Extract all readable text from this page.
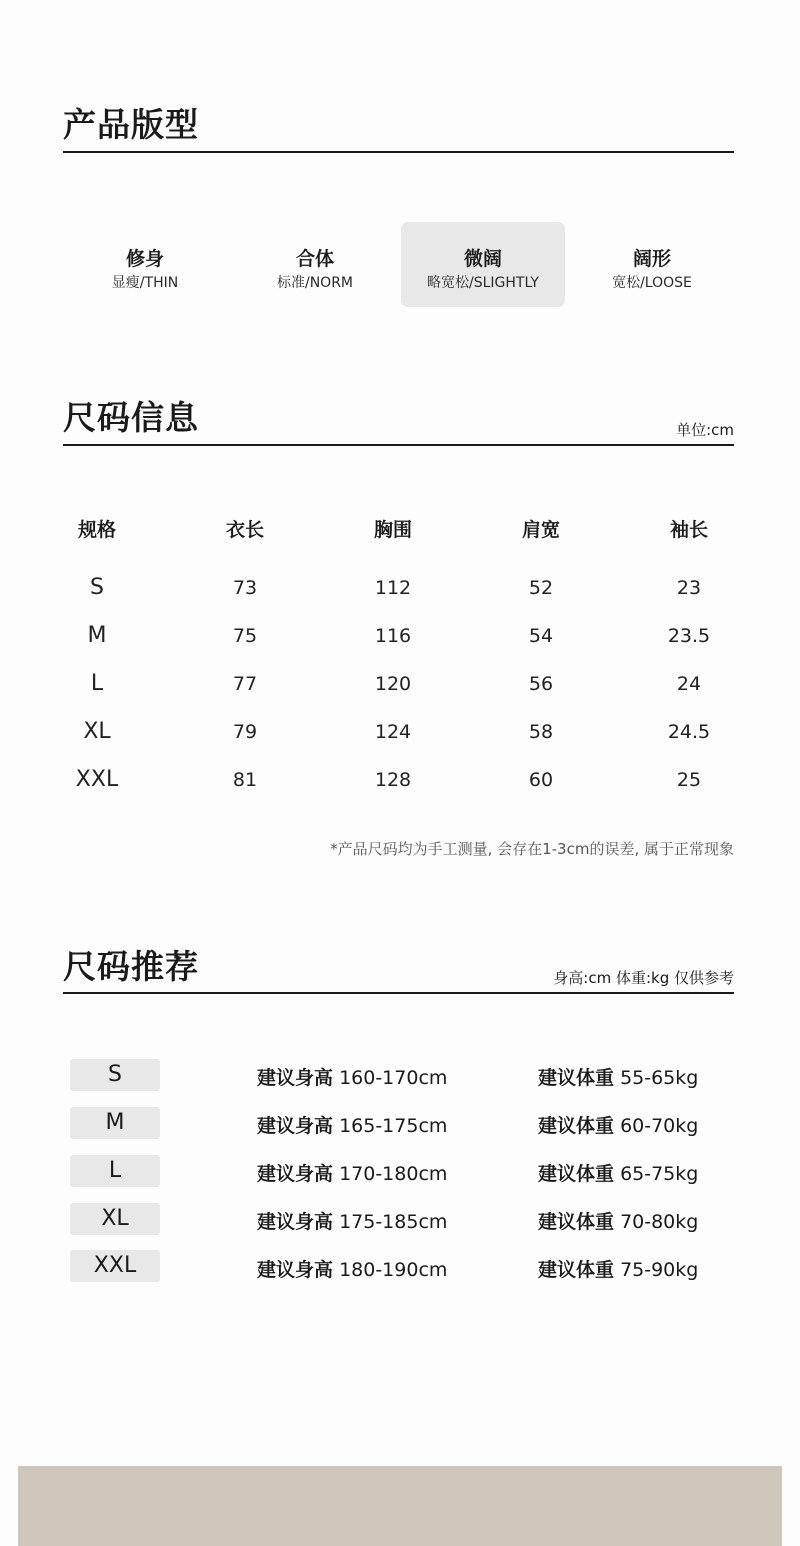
产品版型
修身
显瘦/THIN
合体
标准/NORM
微阔
略宽松/SLIGHTLY
阔形
宽松/LOOSE
尺码信息	单位:cm
规格	衣长	胸围	肩宽	袖长
S	73	112	52	23
M	75	116	54	23.5
L	77	120	56	24
XL	79	124	58	24.5
XXL	81	128	60	25
*产品尺码均为手工测量, 会存在1-3cm的误差, 属于正常现象
尺码推荐	身高:cm 体重:kg 仅供参考
S	建议身高 160-170cm	建议体重 55-65kg
M	建议身高 165-175cm	建议体重 60-70kg
L	建议身高 170-180cm	建议体重 65-75kg
XL	建议身高 175-185cm	建议体重 70-80kg
XXL	建议身高 180-190cm	建议体重 75-90kg
